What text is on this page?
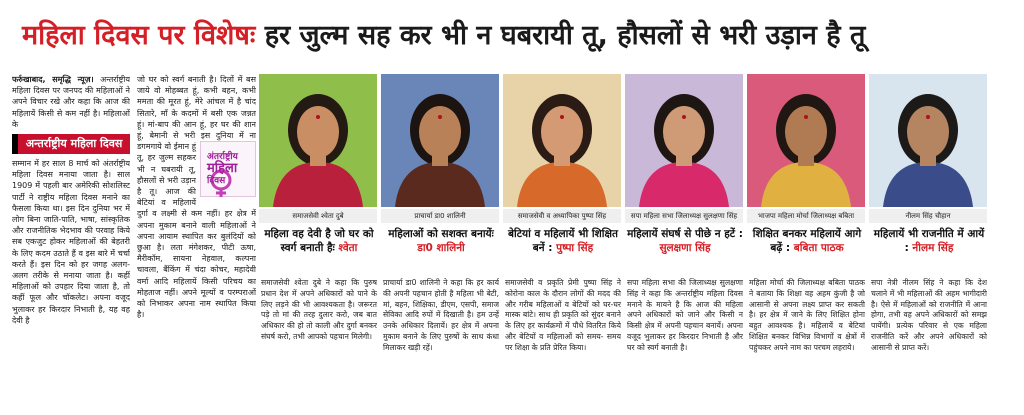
महिला दिवस पर विशेषः हर जुल्म सह कर भी न घबरायी तू, हौसलों से भरी उड़ान है तू
फर्रुखाबाद, समृद्धि न्यूज़। अन्तर्राष्ट्रीय महिला दिवस पर जनपद की महिलाओं ने अपने विचार रखे और कहा कि आज की महिलायें किसी से कम नहीं है। महिलाओं के
अन्तर्राष्ट्रीय महिला दिवस
सम्मान में हर साल 8 मार्च को अंतर्राष्ट्रीय महिला दिवस मनाया जाता है। साल 1909 में पहली बार अमेरिकी सोशलिस्ट पार्टी ने राष्ट्रीय महिला दिवस मनाने का फैसला किया था। इस दिन दुनिया भर में लोग बिना जाति-पाति, भाषा, सांस्कृतिक और राजनीतिक भेदभाव की परवाह किये सब एकजुट होकर महिलाओं की बेहतरी के लिए कदम उठाते हैं व इस बारे में चर्चा करते हैं। इस दिन को हर जगह अलग-अलग तरीके से मनाया जाता है। कहीं महिलाओं को उपहार दिया जाता है, तो कहीं फूल और चॉकलेट। अपना वजूद भुलाकर हर किरदार निभाती है, यह वह देवी है
जो घर को स्वर्ग बनाती है। दिलों में बस जाये वो मोहब्बत हूं, कभी बहन, कभी ममता की मूरत हूं, मेरे आंचल में है चांद सितारे, माँ के कदमों में बसी एक जन्नत हूं। मां-बाप की आन हूं, हर घर की शान हूं, बेमानी से भरी इस दुनिया में
अंतर्राष्ट्रीय
महिला
दिवस
ना डगमगाये वो ईमान हूं तू, हर जुल्म सहकर भी न घबरायी तू, हौसलों से भरी उड़ान है तू। आज की बेटियां व महिलायें दुर्गा व लक्ष्मी से कम नहीं। हर क्षेत्र में अपना मुकाम बनाने वाली महिलाओं ने अपना आयाम स्थापित कर बुलंदियों को छुआ है। लता मंगेशकर, पीटी ऊषा, मैरीकॉम, सायना नेहवाल, कल्पना चावला, बैंकिंग में चंदा कोचर, महादेवी वर्मा आदि महिलायें किसी परिचय का मोहताज नहीं। अपने मूल्यों व परम्पराओं को निभाकर अपना नाम स्थापित किया है।
समाजसेवी श्वेता दुबे
महिला वह देवी है जो घर को स्वर्ग बनाती हैः श्वेता
समाजसेवी श्वेता दुबे ने कहा कि पुरुष प्रधान देश में अपने अधिकारों को पाने के लिए लड़ने की भी आवश्यकता है। जरूरत पड़े तो मां की तरह दुलार करो, जब बात अधिकार की हो तो काली और दुर्गा बनकर संघर्ष करो, तभी आपको पहचान मिलेगी।
प्राचार्या डा0 शालिनी
महिलाओं को सशक्त बनायेंः डा0 शालिनी
प्राचार्या डा0 शालिनी ने कहा कि हर कार्य की अपनी पहचान होती है महिला भी बेटी, मां, बहन, शिक्षिका, डीएम, एसपी, समाज सेविका आदि रुपों में दिखाती है। हम उन्हें उनके अधिकार दिलायें। हर क्षेत्र में अपना मुकाम बनाने के लिए पुरुषों के साथ कंधा मिलाकर खड़ी रहें।
समाजसेवी व अध्यापिका पुष्पा सिंह
बेटियां व महिलायें भी शिक्षित बनें : पुष्पा सिंह
समाजसेवी व प्रकृति प्रेमी पुष्पा सिंह ने कोरोना काल के दौरान लोगों की मदद की और गरीब महिलाओं व बेटियों को घर-घर मास्क बांटे। साथ ही प्रकृति को सुंदर बनाने के लिए हर कार्यक्रमों में पौधे वितरित किये और बेटियों व महिलाओं को समय- समय पर शिक्षा के प्रति प्रेरित किया।
सपा महिला सभा जिलाध्यक्ष सुलक्षणा सिंह
महिलायें संघर्ष से पीछे न हटें : सुलक्षणा सिंह
सपा महिला सभा की जिलाध्यक्ष सुलक्षणा सिंह ने कहा कि अन्तर्राष्ट्रीय महिला दिवस मनाने के मायने है कि आज की महिला अपने अधिकारों को जाने और किसी न किसी क्षेत्र में अपनी पहचान बनायें। अपना वजूद भुलाकर हर किरदार निभाती है और घर को स्वर्ग बनाती है।
भाजपा महिला मोर्चा जिलाध्यक्ष बबिता
शिक्षित बनकर महिलायें आगे बढ़ें : बबिता पाठक
महिला मोर्चा की जिलाध्यक्ष बबिता पाठक ने बताया कि शिक्षा वह अहम कुंजी है जो आसानी से अपना लक्ष्य प्राप्त कर सकती है। हर क्षेत्र में जाने के लिए शिक्षित होना बहुत आवश्यक है। महिलायें व बेटियां शिक्षित बनकर विभिन्न विभागों व क्षेत्रों में पहुंचकर अपने नाम का परचम लहराये।
नीलम सिंह चौहान
महिलायें भी राजनीति में आयें : नीलम सिंह
सपा नेत्री नीलम सिंह ने कहा कि देश चलाने में भी महिलाओं की अहम भागीदारी है। ऐसे में महिलाओं को राजनीति में आना होगा, तभी वह अपने अधिकारों को समझ पायेंगी। प्रत्येक परिवार से एक महिला राजनीति करें और अपने अधिकारों को आसानी से प्राप्त करें।
